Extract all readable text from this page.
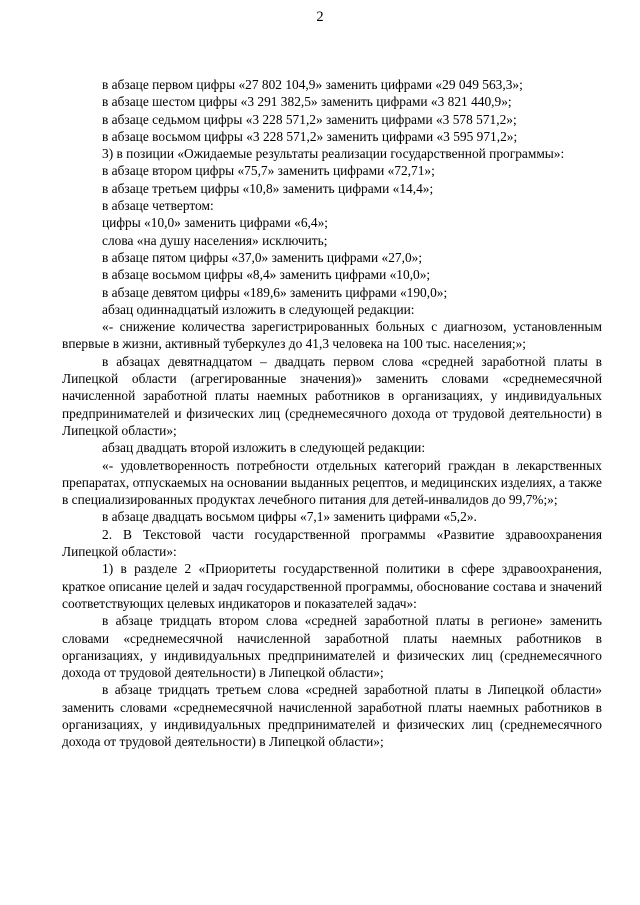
2

в абзаце первом цифры «27 802 104,9» заменить цифрами «29 049 563,3»;

в абзаце шестом цифры «3 291 382,5» заменить цифрами «3 821 440,9»;

в абзаце седьмом цифры «3 228 571,2» заменить цифрами «3 578 571,2»;

в абзаце восьмом цифры «3 228 571,2» заменить цифрами «3 595 971,2»;

3) в позиции «Ожидаемые результаты реализации государственной программы»:

в абзаце втором цифры «75,7» заменить цифрами «72,71»;

в абзаце третьем цифры «10,8» заменить цифрами «14,4»;

в абзаце четвертом:

цифры «10,0» заменить цифрами «6,4»;

слова «на душу населения» исключить;

в абзаце пятом цифры «37,0» заменить цифрами «27,0»;

в абзаце восьмом цифры «8,4» заменить цифрами «10,0»;

в абзаце девятом цифры «189,6» заменить цифрами «190,0»;

абзац одиннадцатый изложить в следующей редакции:

«- снижение количества зарегистрированных больных с диагнозом, установленным впервые в жизни, активный туберкулез до 41,3 человека на 100 тыс. населения;»;

в абзацах девятнадцатом – двадцать первом слова «средней заработной платы в Липецкой области (агрегированные значения)» заменить словами «среднемесячной начисленной заработной платы наемных работников в организациях, у индивидуальных предпринимателей и физических лиц (среднемесячного дохода от трудовой деятельности) в Липецкой области»;

абзац двадцать второй изложить в следующей редакции:

«- удовлетворенность потребности отдельных категорий граждан в лекарственных препаратах, отпускаемых на основании выданных рецептов, и медицинских изделиях, а также в специализированных продуктах лечебного питания для детей-инвалидов до 99,7%;»;

в абзаце двадцать восьмом цифры «7,1» заменить цифрами «5,2».

2. В Текстовой части государственной программы «Развитие здравоохранения Липецкой области»:

1) в разделе 2 «Приоритеты государственной политики в сфере здравоохранения, краткое описание целей и задач государственной программы, обоснование состава и значений соответствующих целевых индикаторов и показателей задач»:

в абзаце тридцать втором слова «средней заработной платы в регионе» заменить словами «среднемесячной начисленной заработной платы наемных работников в организациях, у индивидуальных предпринимателей и физических лиц (среднемесячного дохода от трудовой деятельности) в Липецкой области»;

в абзаце тридцать третьем слова «средней заработной платы в Липецкой области» заменить словами «среднемесячной начисленной заработной платы наемных работников в организациях, у индивидуальных предпринимателей и физических лиц (среднемесячного дохода от трудовой деятельности) в Липецкой области»;
